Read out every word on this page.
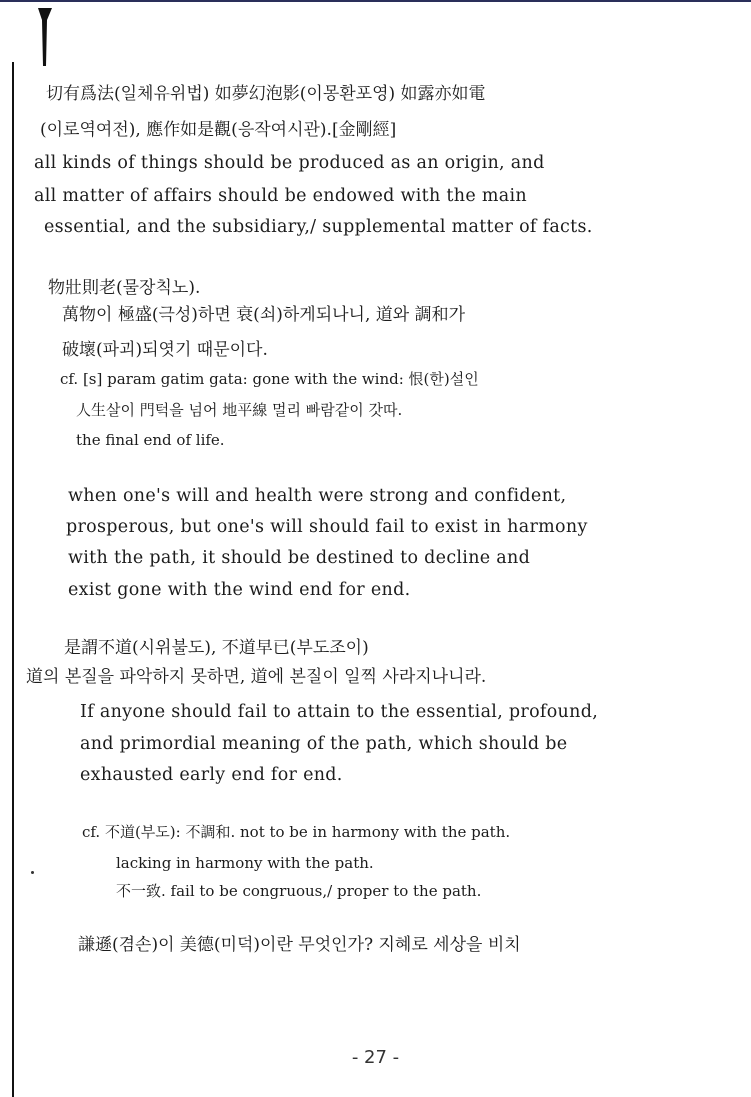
切有爲法(일체유위법) 如夢幻泡影(이몽환포영) 如露亦如電
(이로역여전), 應作如是觀(응작여시관).[金剛經]
all kinds of things should be produced as an origin, and
all matter of affairs should be endowed with the main
essential, and the subsidiary,/ supplemental matter of facts.
物壯則老(물장칙노).
萬物이 極盛(극성)하면 衰(쇠)하게되나니, 道와 調和가
破壞(파괴)되엿기 때문이다.
cf. [s] param gatim gata: gone with the wind: 恨(한)설인
人生살이 門턱을 넘어 地平線 멀리 빠람같이 갓따.
the final end of life.
when one's will and health were strong and confident,
prosperous, but one's will should fail to exist in harmony
with the path, it should be destined to decline and
exist gone with the wind end for end.
是謂不道(시위불도), 不道早已(부도조이)
道의 본질을 파악하지 못하면, 道에 본질이 일찍 사라지나니라.
If anyone should fail to attain to the essential, profound,
and primordial meaning of the path, which should be
exhausted early end for end.
cf. 不道(부도): 不調和. not to be in harmony with the path.
lacking in harmony with the path.
不一致. fail to be congruous,/ proper to the path.
謙遜(겸손)이 美德(미덕)이란 무엇인가? 지혜로 세상을 비치
- 27 -
